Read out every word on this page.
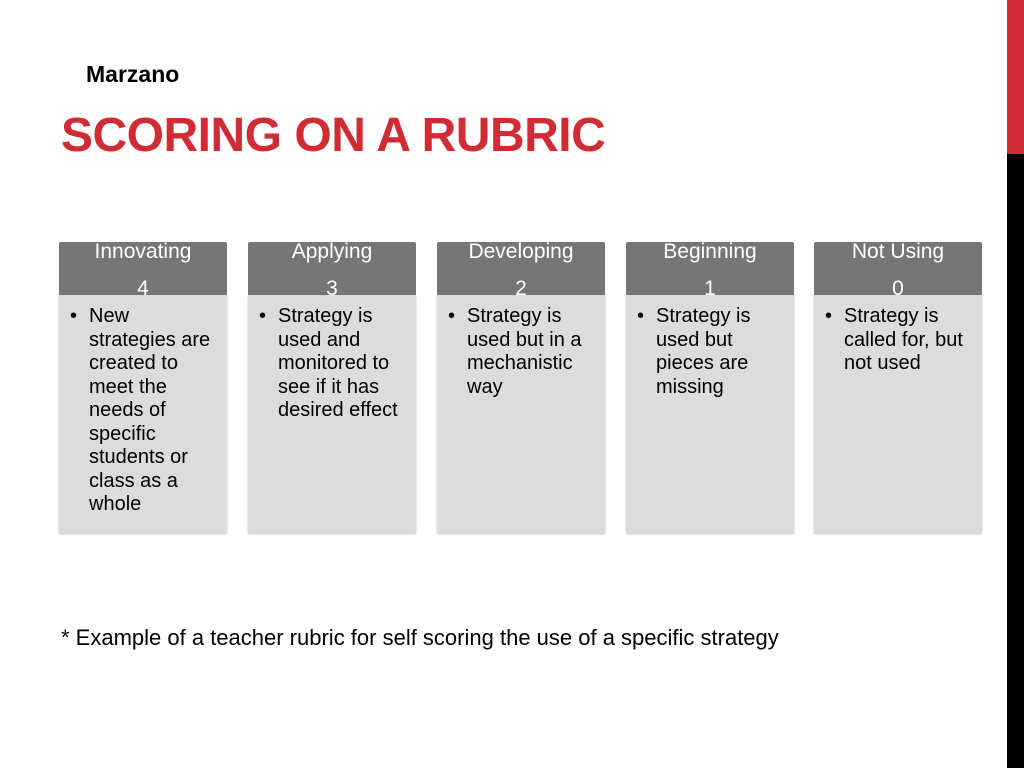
Marzano
SCORING ON A RUBRIC
Innovating
4
• New strategies are created to meet the needs of specific students or class as a whole
Applying
3
• Strategy is used and monitored to see if it has desired effect
Developing
2
• Strategy is used but in a mechanistic way
Beginning
1
• Strategy is used but pieces are missing
Not Using
0
• Strategy is called for, but not used
* Example of a teacher rubric for self scoring the use of a specific strategy
